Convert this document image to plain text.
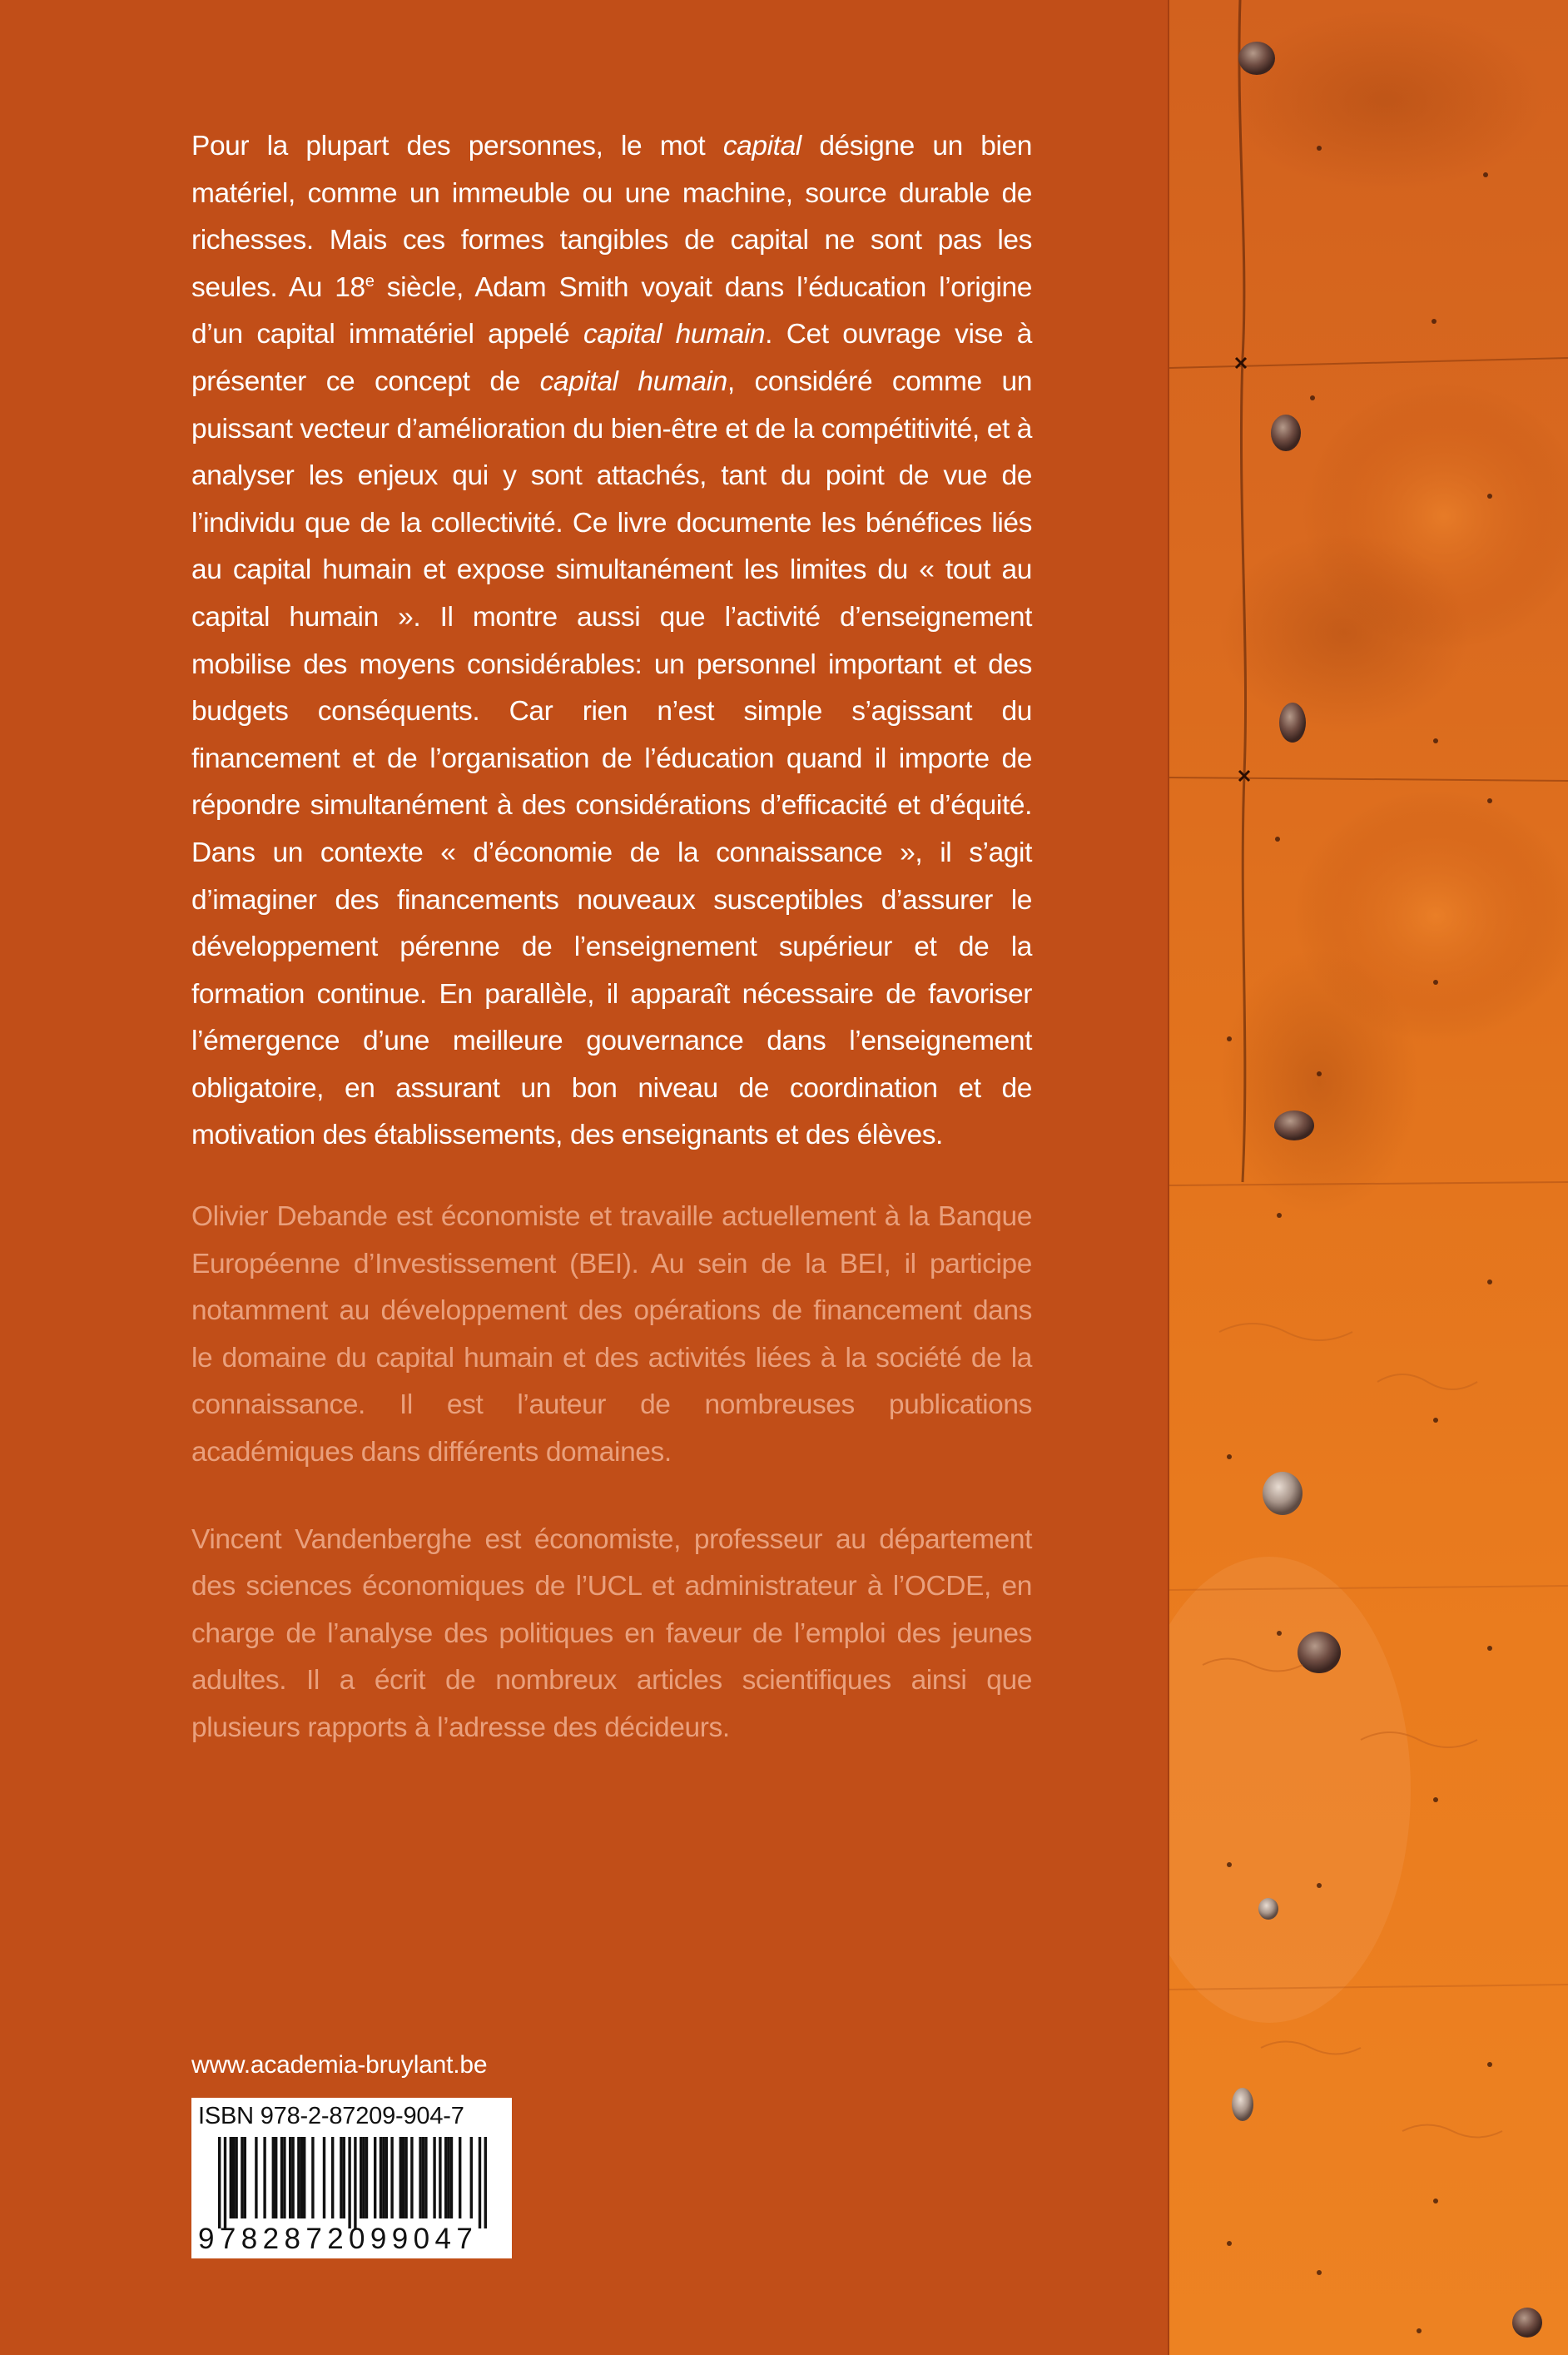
Pour la plupart des personnes, le mot capital désigne un bien matériel, comme un immeuble ou une machine, source durable de richesses. Mais ces formes tangibles de capital ne sont pas les seules. Au 18e siècle, Adam Smith voyait dans l’éducation l’origine d’un capital immatériel appelé capital humain. Cet ouvrage vise à présenter ce concept de capital humain, considéré comme un puissant vecteur d’amélioration du bien-être et de la compétitivité, et à analyser les enjeux qui y sont attachés, tant du point de vue de l’individu que de la collectivité. Ce livre documente les bénéfices liés au capital humain et expose simultanément les limites du « tout au capital humain ». Il montre aussi que l’activité d’enseignement mobilise des moyens considérables: un personnel important et des budgets conséquents. Car rien n’est simple s’agissant du financement et de l’organisation de l’éducation quand il importe de répondre simultanément à des considérations d’efficacité et d’équité. Dans un contexte « d’économie de la connaissance », il s’agit d’imaginer des financements nouveaux susceptibles d’assurer le développement pérenne de l’enseignement supérieur et de la formation continue. En parallèle, il apparaît nécessaire de favoriser l’émergence d’une meilleure gouvernance dans l’enseignement obligatoire, en assurant un bon niveau de coordination et de motivation des établissements, des enseignants et des élèves.

Olivier Debande est économiste et travaille actuellement à la Banque Européenne d’Investissement (BEI). Au sein de la BEI, il participe notamment au développement des opérations de financement dans le domaine du capital humain et des activités liées à la société de la connaissance. Il est l’auteur de nombreuses publications académiques dans différents domaines.

Vincent Vandenberghe est économiste, professeur au département des sciences économiques de l’UCL et administrateur à l’OCDE, en charge de l’analyse des politiques en faveur de l’emploi des jeunes adultes. Il a écrit de nombreux articles scientifiques ainsi que plusieurs rapports à l’adresse des décideurs.

www.academia-bruylant.be
ISBN 978-2-87209-904-7
9782872099047
